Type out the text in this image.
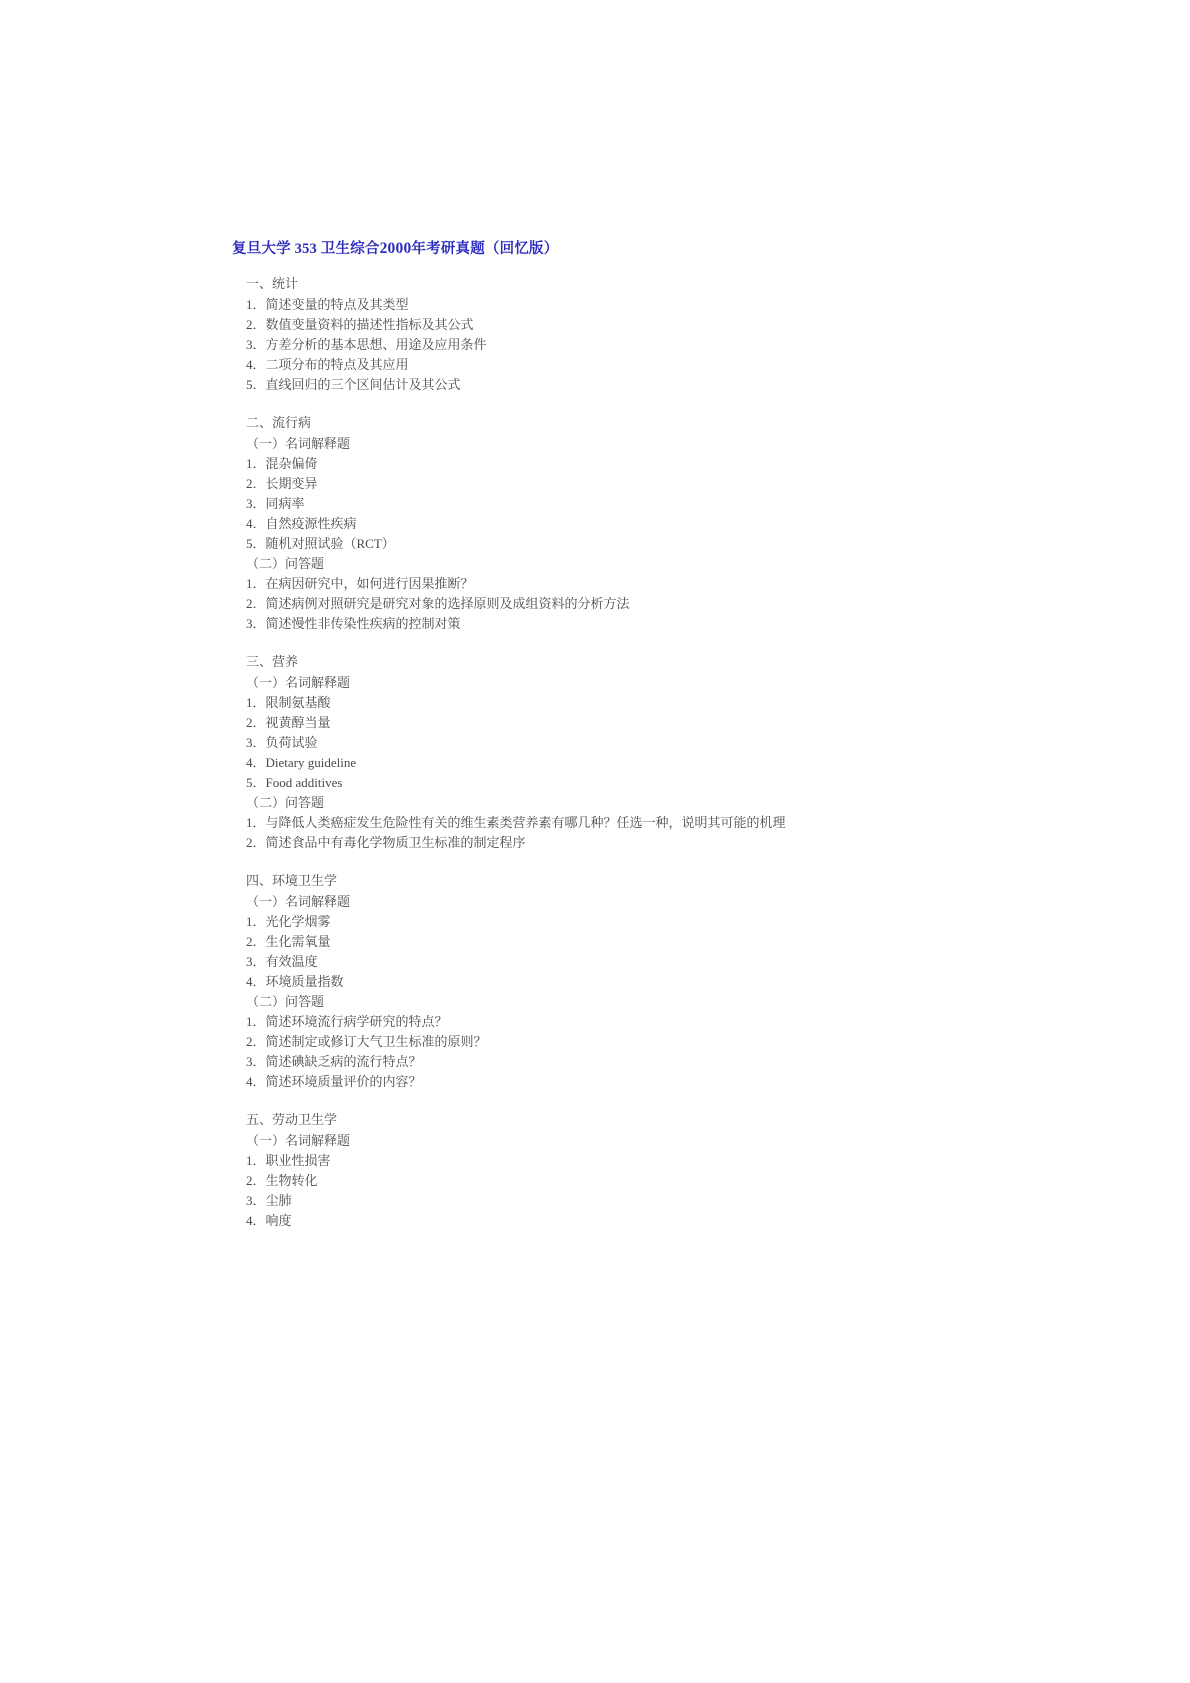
复旦大学 353 卫生综合2000年考研真题（回忆版）
一、统计
1．简述变量的特点及其类型
2．数值变量资料的描述性指标及其公式
3．方差分析的基本思想、用途及应用条件
4．二项分布的特点及其应用
5．直线回归的三个区间估计及其公式
二、流行病
（一）名词解释题
1．混杂偏倚
2．长期变异
3．同病率
4．自然疫源性疾病
5．随机对照试验（RCT）
（二）问答题
1．在病因研究中，如何进行因果推断？
2．简述病例对照研究是研究对象的选择原则及成组资料的分析方法
3．简述慢性非传染性疾病的控制对策
三、营养
（一）名词解释题
1．限制氨基酸
2．视黄醇当量
3．负荷试验
4．Dietary guideline
5．Food additives
（二）问答题
1．与降低人类癌症发生危险性有关的维生素类营养素有哪几种？任选一种，说明其可能的机理
2．简述食品中有毒化学物质卫生标准的制定程序
四、环境卫生学
（一）名词解释题
1．光化学烟雾
2．生化需氧量
3．有效温度
4．环境质量指数
（二）问答题
1．简述环境流行病学研究的特点？
2．简述制定或修订大气卫生标准的原则？
3．简述碘缺乏病的流行特点？
4．简述环境质量评价的内容？
五、劳动卫生学
（一）名词解释题
1．职业性损害
2．生物转化
3．尘肺
4．响度
